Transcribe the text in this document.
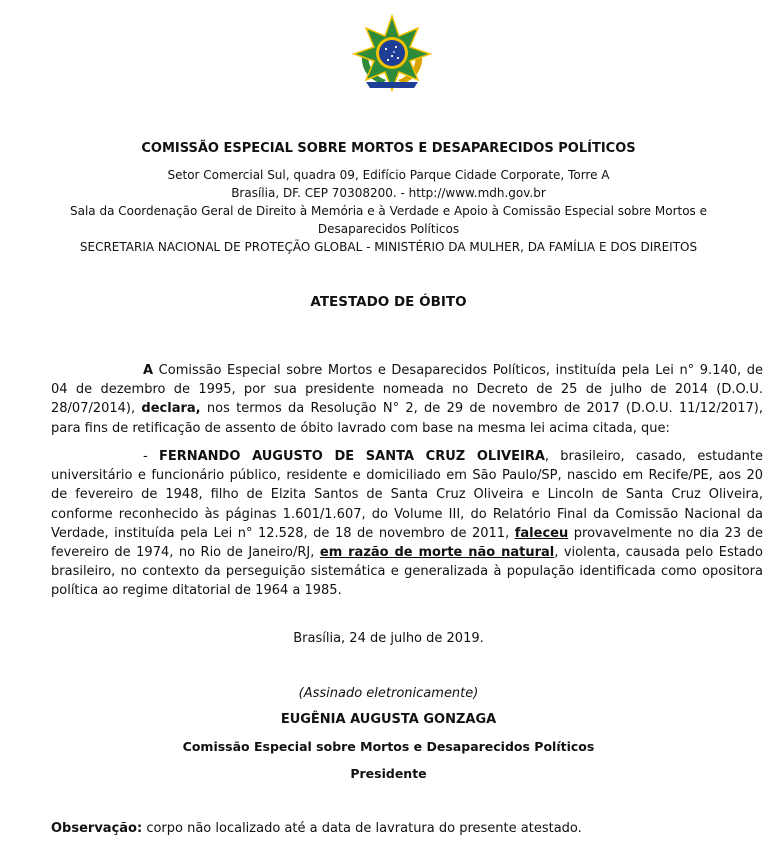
COMISSÃO ESPECIAL SOBRE MORTOS E DESAPARECIDOS POLÍTICOS
Setor Comercial Sul, quadra 09, Edifício Parque Cidade Corporate, Torre A
Brasília, DF. CEP 70308200. - http://www.mdh.gov.br
Sala da Coordenação Geral de Direito à Memória e à Verdade e Apoio à Comissão Especial sobre Mortos e
Desaparecidos Políticos
SECRETARIA NACIONAL DE PROTEÇÃO GLOBAL - MINISTÉRIO DA MULHER, DA FAMÍLIA E DOS DIREITOS
ATESTADO DE ÓBITO
A Comissão Especial sobre Mortos e Desaparecidos Políticos, instituída pela Lei n° 9.140, de 04 de dezembro de 1995, por sua presidente nomeada no Decreto de 25 de julho de 2014 (D.O.U. 28/07/2014), declara, nos termos da Resolução N° 2, de 29 de novembro de 2017 (D.O.U. 11/12/2017), para fins de retificação de assento de óbito lavrado com base na mesma lei acima citada, que:
- FERNANDO AUGUSTO DE SANTA CRUZ OLIVEIRA, brasileiro, casado, estudante universitário e funcionário público, residente e domiciliado em São Paulo/SP, nascido em Recife/PE, aos 20 de fevereiro de 1948, filho de Elzita Santos de Santa Cruz Oliveira e Lincoln de Santa Cruz Oliveira, conforme reconhecido às páginas 1.601/1.607, do Volume III, do Relatório Final da Comissão Nacional da Verdade, instituída pela Lei n° 12.528, de 18 de novembro de 2011, faleceu provavelmente no dia 23 de fevereiro de 1974, no Rio de Janeiro/RJ, em razão de morte não natural, violenta, causada pelo Estado brasileiro, no contexto da perseguição sistemática e generalizada à população identificada como opositora política ao regime ditatorial de 1964 a 1985.
Brasília, 24 de julho de 2019.
(Assinado eletronicamente)
EUGÊNIA AUGUSTA GONZAGA
Comissão Especial sobre Mortos e Desaparecidos Políticos
Presidente
Observação: corpo não localizado até a data de lavratura do presente atestado.
